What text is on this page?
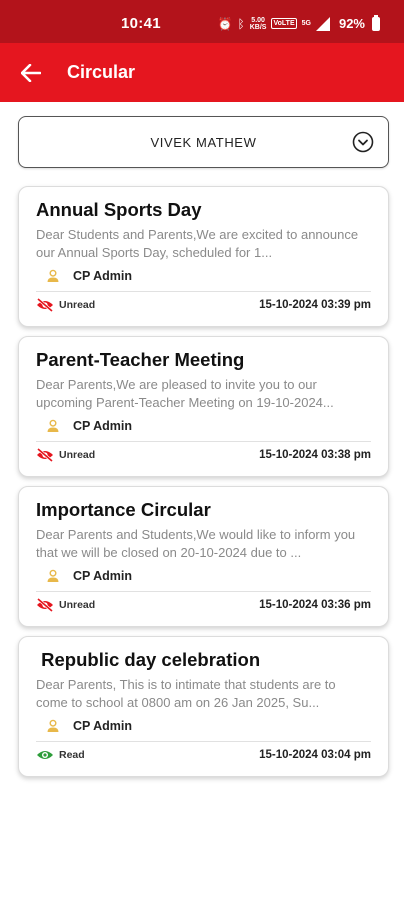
10:41	⏰ ᛒ 5.00
KB/S VoLTE 5G 92%
Circular
VIVEK MATHEW
Annual Sports Day
Dear Students and Parents,We are excited to announce our Annual Sports Day, scheduled for 1...
CP Admin
Unread	15-10-2024 03:39 pm
Parent-Teacher Meeting
Dear Parents,We are pleased to invite you to our upcoming Parent-Teacher Meeting on 19-10-2024...
CP Admin
Unread	15-10-2024 03:38 pm
Importance Circular
Dear Parents and Students,We would like to inform you that we will be closed on 20-10-2024 due to ...
CP Admin
Unread	15-10-2024 03:36 pm
Republic day celebration
Dear Parents, This is to intimate that students are to come to school at 0800 am on 26 Jan 2025, Su...
CP Admin
Read	15-10-2024 03:04 pm
